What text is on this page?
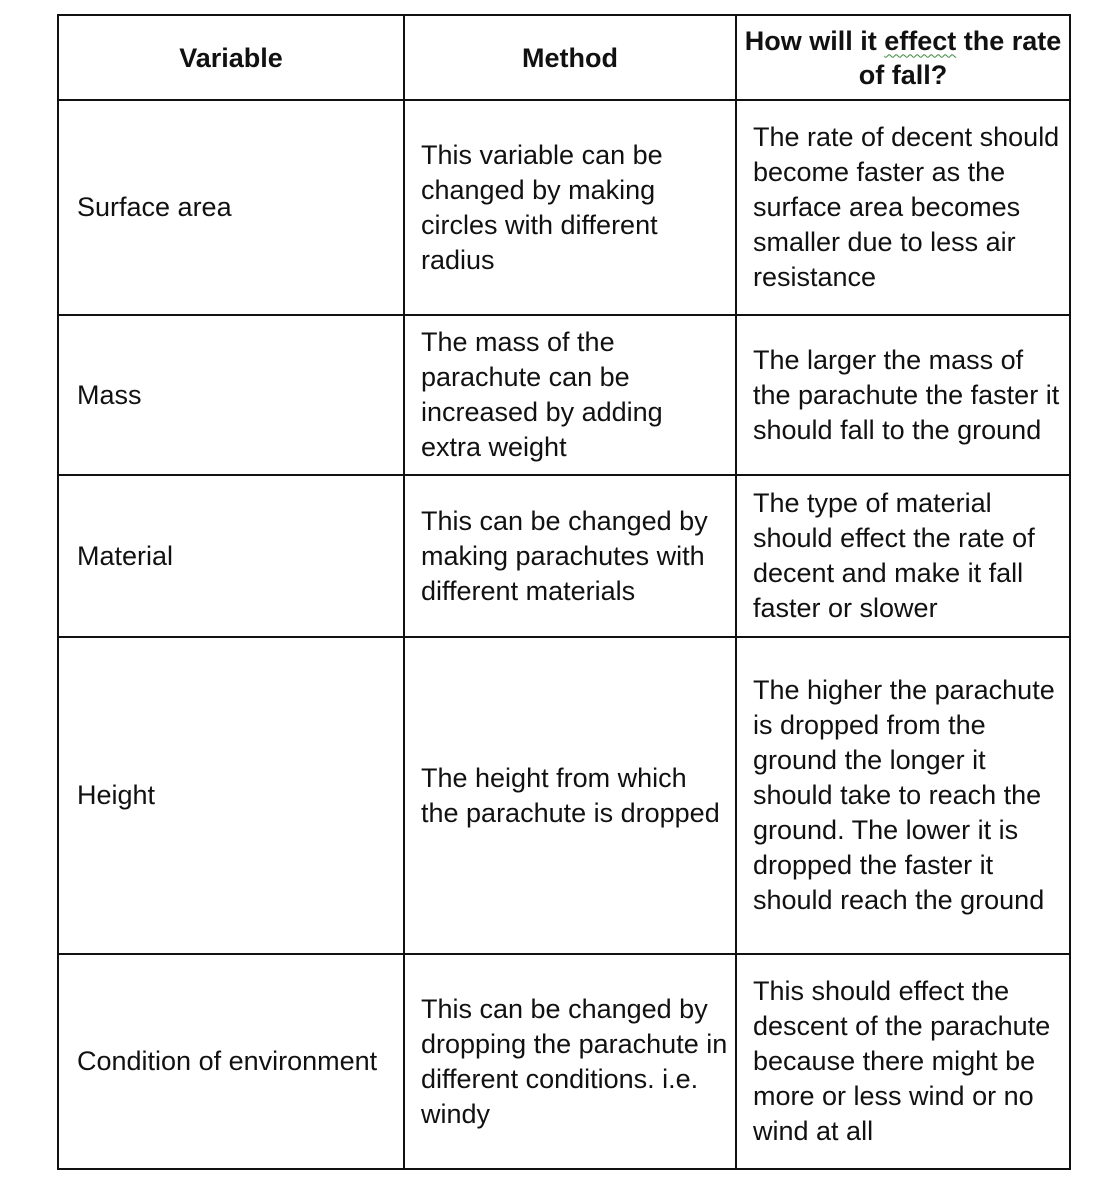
Variable	Method	How will it effect the rate of fall?
Surface area	This variable can be changed by making circles with different radius	The rate of decent should become faster as the surface area becomes smaller due to less air resistance
Mass	The mass of the parachute can be increased by adding extra weight	The larger the mass of the parachute the faster it should fall to the ground
Material	This can be changed by making parachutes with different materials	The type of material should effect the rate of decent and make it fall faster or slower
Height	The height from which the parachute is dropped	The higher the parachute is dropped from the ground the longer it should take to reach the ground. The lower it is dropped the faster it should reach the ground
Condition of environment	This can be changed by dropping the parachute in different conditions. i.e. windy	This should effect the descent of the parachute because there might be more or less wind or no wind at all
